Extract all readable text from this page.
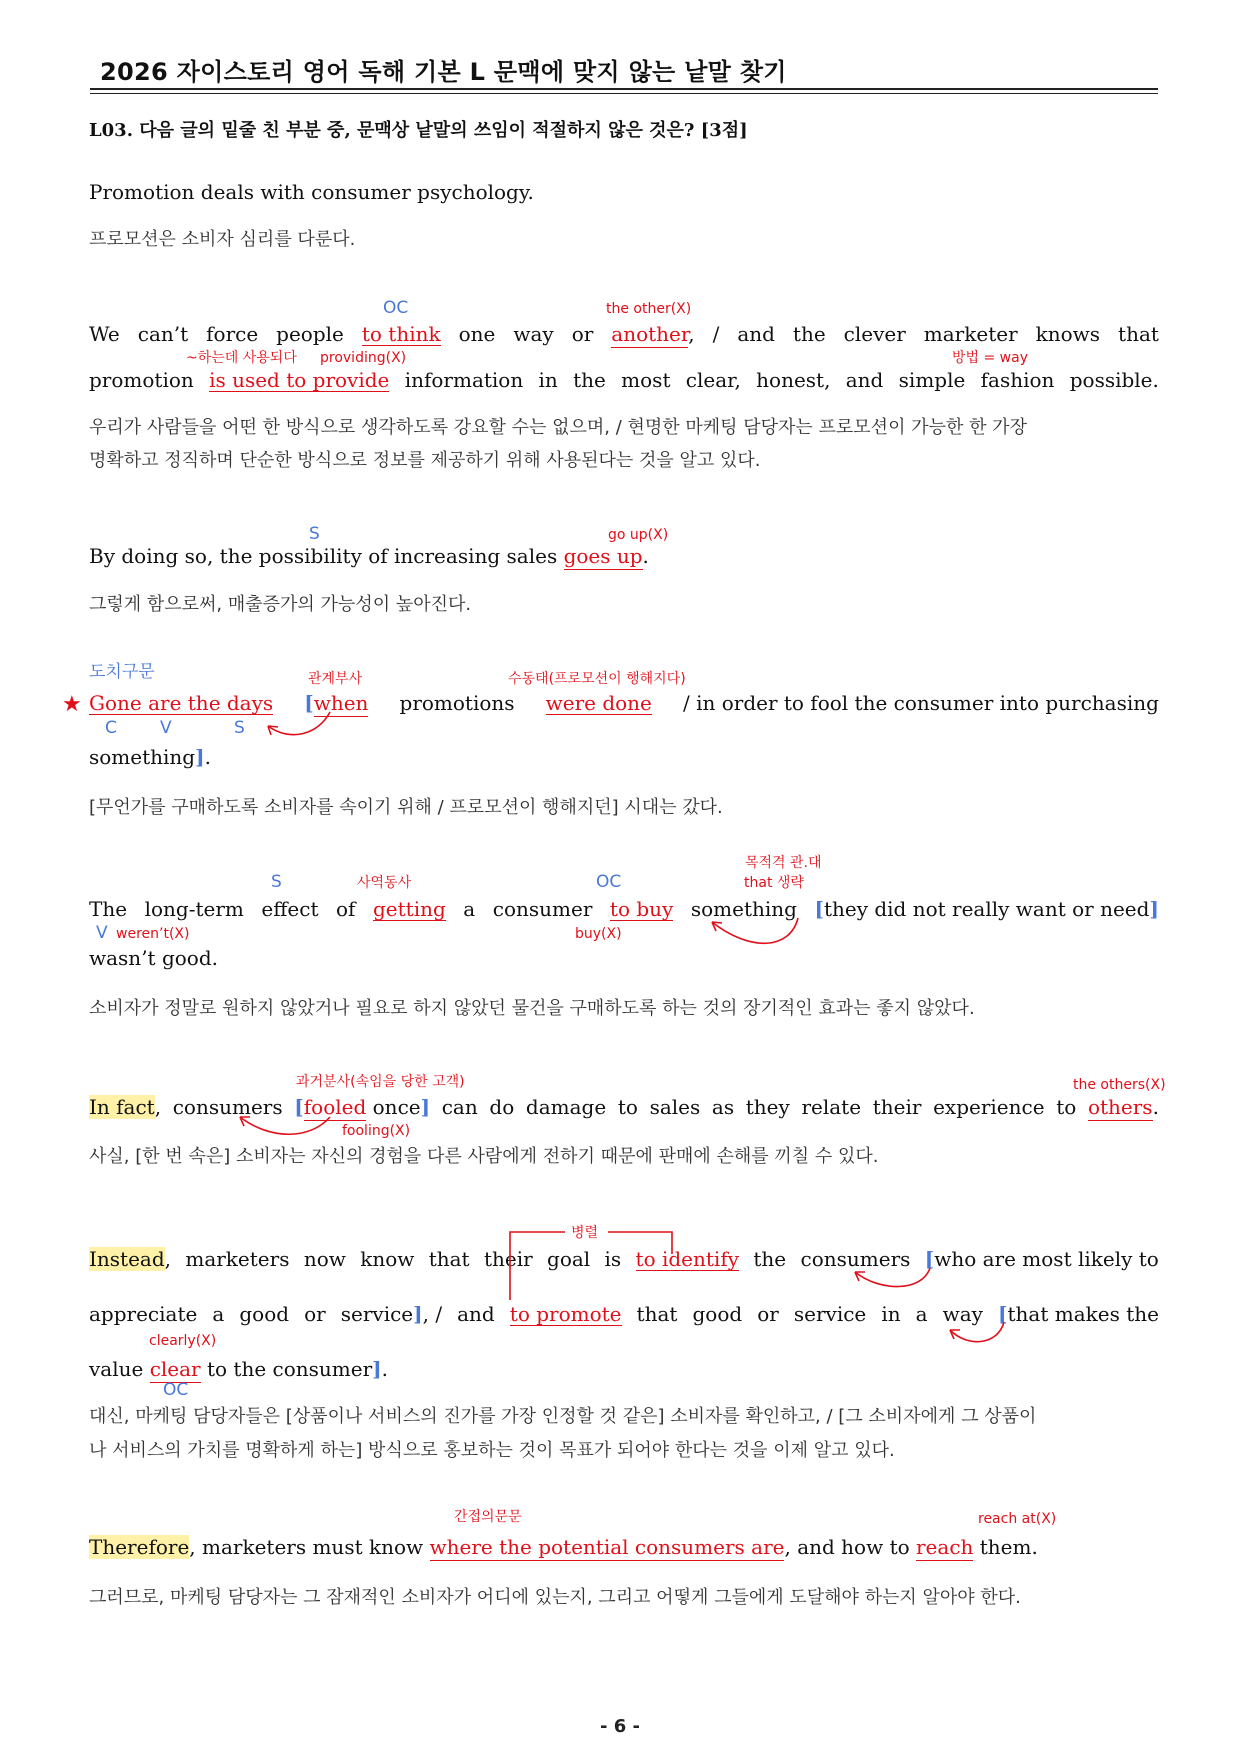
2026 자이스토리 영어 독해 기본 L 문맥에 맞지 않는 낱말 찾기
L03. 다음 글의 밑줄 친 부분 중, 문맥상 낱말의 쓰임이 적절하지 않은 것은? [3점]
Promotion deals with consumer psychology.
프로모션은 소비자 심리를 다룬다.
OC	the other(X)
~하는데 사용되다 providing(X)	방법 = way
We can’t force people to think one way or another, / and the clever marketer knows that
promotion is used to provide information in the most clear, honest, and simple fashion possible.
우리가 사람들을 어떤 한 방식으로 생각하도록 강요할 수는 없으며, / 현명한 마케팅 담당자는 프로모션이 가능한 한 가장
명확하고 정직하며 단순한 방식으로 정보를 제공하기 위해 사용된다는 것을 알고 있다.
S	go up(X)
By doing so, the possibility of increasing sales goes up.
그렇게 함으로써, 매출증가의 가능성이 높아진다.
도치구문	관계부사	수동태(프로모션이 행해지다)
★ Gone are the days [when promotions were done / in order to fool the consumer into purchasing
C	V	S
something].
[무언가를 구매하도록 소비자를 속이기 위해 / 프로모션이 행해지던] 시대는 갔다.
목적격 관.대
that 생략
S	사역동사	OC
The long-term effect of getting a consumer to buy something [they did not really want or need]
V weren’t(X)	buy(X)
wasn’t good.
소비자가 정말로 원하지 않았거나 필요로 하지 않았던 물건을 구매하도록 하는 것의 장기적인 효과는 좋지 않았다.
과거분사(속임을 당한 고객)	the others(X)
In fact, consumers [fooled once] can do damage to sales as they relate their experience to others.
fooling(X)
사실, [한 번 속은] 소비자는 자신의 경험을 다른 사람에게 전하기 때문에 판매에 손해를 끼칠 수 있다.
병렬
Instead, marketers now know that their goal is to identify the consumers [who are most likely to
appreciate a good or service], / and to promote that good or service in a way [that makes the
clearly(X)
value clear to the consumer].
OC
대신, 마케팅 담당자들은 [상품이나 서비스의 진가를 가장 인정할 것 같은] 소비자를 확인하고, / [그 소비자에게 그 상품이
나 서비스의 가치를 명확하게 하는] 방식으로 홍보하는 것이 목표가 되어야 한다는 것을 이제 알고 있다.
간접의문문	reach at(X)
Therefore, marketers must know where the potential consumers are, and how to reach them.
그러므로, 마케팅 담당자는 그 잠재적인 소비자가 어디에 있는지, 그리고 어떻게 그들에게 도달해야 하는지 알아야 한다.
- 6 -
